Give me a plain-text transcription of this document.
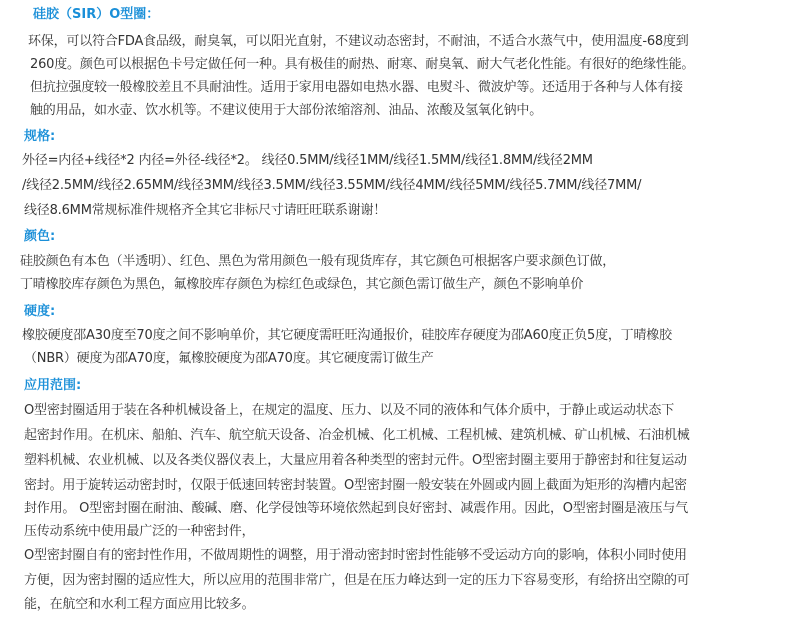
硅胶（SIR）O型圈：
环保，可以符合FDA食品级，耐臭氧，可以阳光直射，不建议动态密封，不耐油，不适合水蒸气中，使用温度-68度到
260度。颜色可以根据色卡号定做任何一种。具有极佳的耐热、耐寒、耐臭氧、耐大气老化性能。有很好的绝缘性能。
但抗拉强度较一般橡胶差且不具耐油性。适用于家用电器如电热水器、电熨斗、微波炉等。还适用于各种与人体有接
触的用品，如水壶、饮水机等。不建议使用于大部份浓缩溶剂、油品、浓酸及氢氧化钠中。
规格:
外径=内径+线径*2 内径=外径-线径*2。 线径0.5MM/线径1MM/线径1.5MM/线径1.8MM/线径2MM
/线径2.5MM/线径2.65MM/线径3MM/线径3.5MM/线径3.55MM/线径4MM/线径5MM/线径5.7MM/线径7MM/
线径8.6MM常规标准件规格齐全其它非标尺寸请旺旺联系谢谢！
颜色:
硅胶颜色有本色（半透明）、红色、黑色为常用颜色一般有现货库存，其它颜色可根据客户要求颜色订做，
丁晴橡胶库存颜色为黑色，氟橡胶库存颜色为棕红色或绿色，其它颜色需订做生产，颜色不影响单价
硬度:
橡胶硬度邵A30度至70度之间不影响单价，其它硬度需旺旺沟通报价，硅胶库存硬度为邵A60度正负5度，丁晴橡胶
（NBR）硬度为邵A70度，氟橡胶硬度为邵A70度。其它硬度需订做生产
应用范围:
O型密封圈适用于装在各种机械设备上，在规定的温度、压力、以及不同的液体和气体介质中，于静止或运动状态下
起密封作用。在机床、船舶、汽车、航空航天设备、冶金机械、化工机械、工程机械、建筑机械、矿山机械、石油机械
塑料机械、农业机械、以及各类仪器仪表上，大量应用着各种类型的密封元件。O型密封圈主要用于静密封和往复运动
密封。用于旋转运动密封时，仅限于低速回转密封装置。O型密封圈一般安装在外圆或内圆上截面为矩形的沟槽内起密
封作用。 O型密封圈在耐油、酸碱、磨、化学侵蚀等环境依然起到良好密封、减震作用。因此，O型密封圈是液压与气
压传动系统中使用最广泛的一种密封件，
O型密封圈自有的密封性作用，不做周期性的调整，用于滑动密封时密封性能够不受运动方向的影响，体积小同时使用
方便，因为密封圈的适应性大，所以应用的范围非常广，但是在压力峰达到一定的压力下容易变形，有给挤出空隙的可
能，在航空和水利工程方面应用比较多。
